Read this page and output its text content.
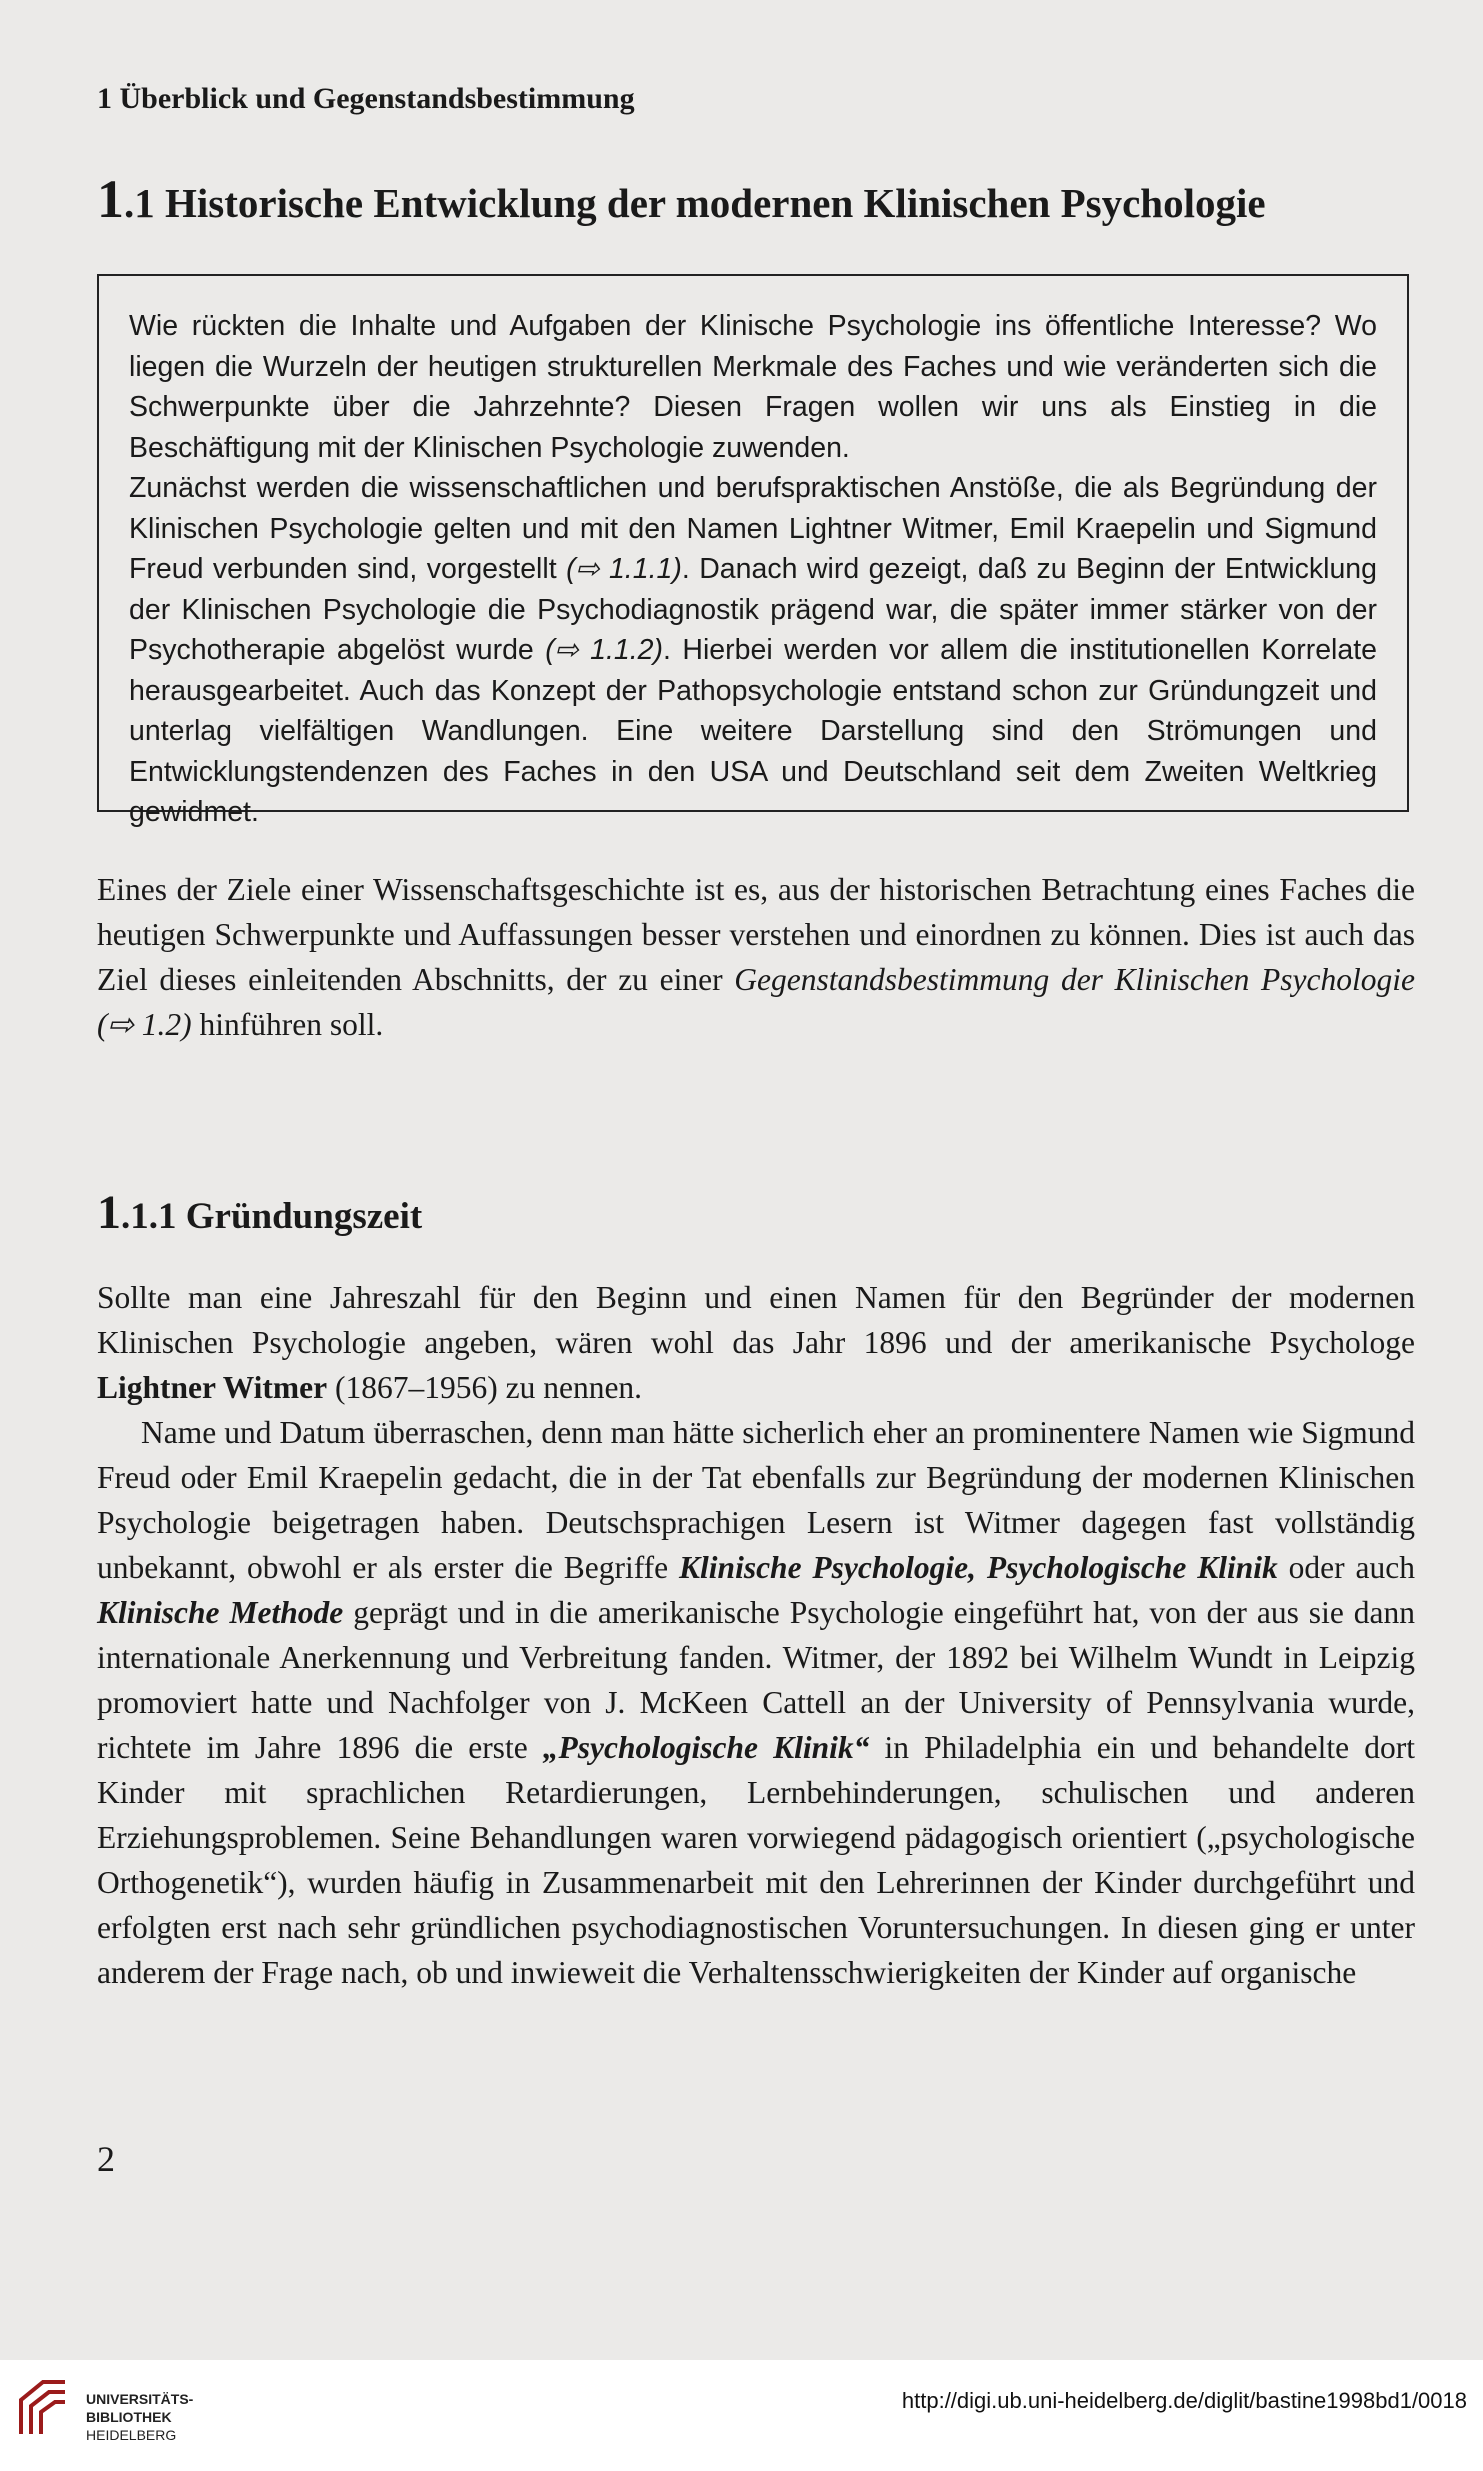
1 Überblick und Gegenstandsbestimmung
1.1 Historische Entwicklung der modernen Klinischen Psychologie

Wie rückten die Inhalte und Aufgaben der Klinische Psychologie ins öffentliche Interesse? Wo liegen die Wurzeln der heutigen strukturellen Merkmale des Faches und wie veränderten sich die Schwerpunkte über die Jahrzehnte? Diesen Fragen wollen wir uns als Einstieg in die Beschäftigung mit der Klinischen Psychologie zuwenden.

Zunächst werden die wissenschaftlichen und berufspraktischen Anstöße, die als Begründung der Klinischen Psychologie gelten und mit den Namen Lightner Witmer, Emil Kraepelin und Sigmund Freud verbunden sind, vorgestellt (⇨ 1.1.1). Danach wird gezeigt, daß zu Beginn der Entwicklung der Klinischen Psychologie die Psychodiagnostik prägend war, die später immer stärker von der Psychotherapie abgelöst wurde (⇨ 1.1.2). Hierbei werden vor allem die institutionellen Korrelate herausgearbeitet. Auch das Konzept der Pathopsychologie entstand schon zur Gründungzeit und unterlag vielfältigen Wandlungen. Eine weitere Darstellung sind den Strömungen und Entwicklungstendenzen des Faches in den USA und Deutschland seit dem Zweiten Weltkrieg gewidmet.

Eines der Ziele einer Wissenschaftsgeschichte ist es, aus der historischen Betrachtung eines Faches die heutigen Schwerpunkte und Auffassungen besser verstehen und einordnen zu können. Dies ist auch das Ziel dieses einleitenden Abschnitts, der zu einer Gegenstandsbestimmung der Klinischen Psychologie (⇨ 1.2) hinführen soll.

1.1.1 Gründungszeit

Sollte man eine Jahreszahl für den Beginn und einen Namen für den Begründer der modernen Klinischen Psychologie angeben, wären wohl das Jahr 1896 und der amerikanische Psychologe Lightner Witmer (1867–1956) zu nennen.

Name und Datum überraschen, denn man hätte sicherlich eher an prominentere Namen wie Sigmund Freud oder Emil Kraepelin gedacht, die in der Tat ebenfalls zur Begründung der modernen Klinischen Psychologie beigetragen haben. Deutschsprachigen Lesern ist Witmer dagegen fast vollständig unbekannt, obwohl er als erster die Begriffe Klinische Psychologie, Psychologische Klinik oder auch Klinische Methode geprägt und in die amerikanische Psychologie eingeführt hat, von der aus sie dann internationale Anerkennung und Verbreitung fanden. Witmer, der 1892 bei Wilhelm Wundt in Leipzig promoviert hatte und Nachfolger von J. McKeen Cattell an der University of Pennsylvania wurde, richtete im Jahre 1896 die erste „Psychologische Klinik“ in Philadelphia ein und behandelte dort Kinder mit sprachlichen Retardierungen, Lernbehinderungen, schulischen und anderen Erziehungsproblemen. Seine Behandlungen waren vorwiegend pädagogisch orientiert („psychologische Orthogenetik“), wurden häufig in Zusammenarbeit mit den Lehrerinnen der Kinder durchgeführt und erfolgten erst nach sehr gründlichen psychodiagnostischen Voruntersuchungen. In diesen ging er unter anderem der Frage nach, ob und inwieweit die Verhaltensschwierigkeiten der Kinder auf organische

2
UNIVERSITÄTS-
BIBLIOTHEK
HEIDELBERG
http://digi.ub.uni-heidelberg.de/diglit/bastine1998bd1/0018
